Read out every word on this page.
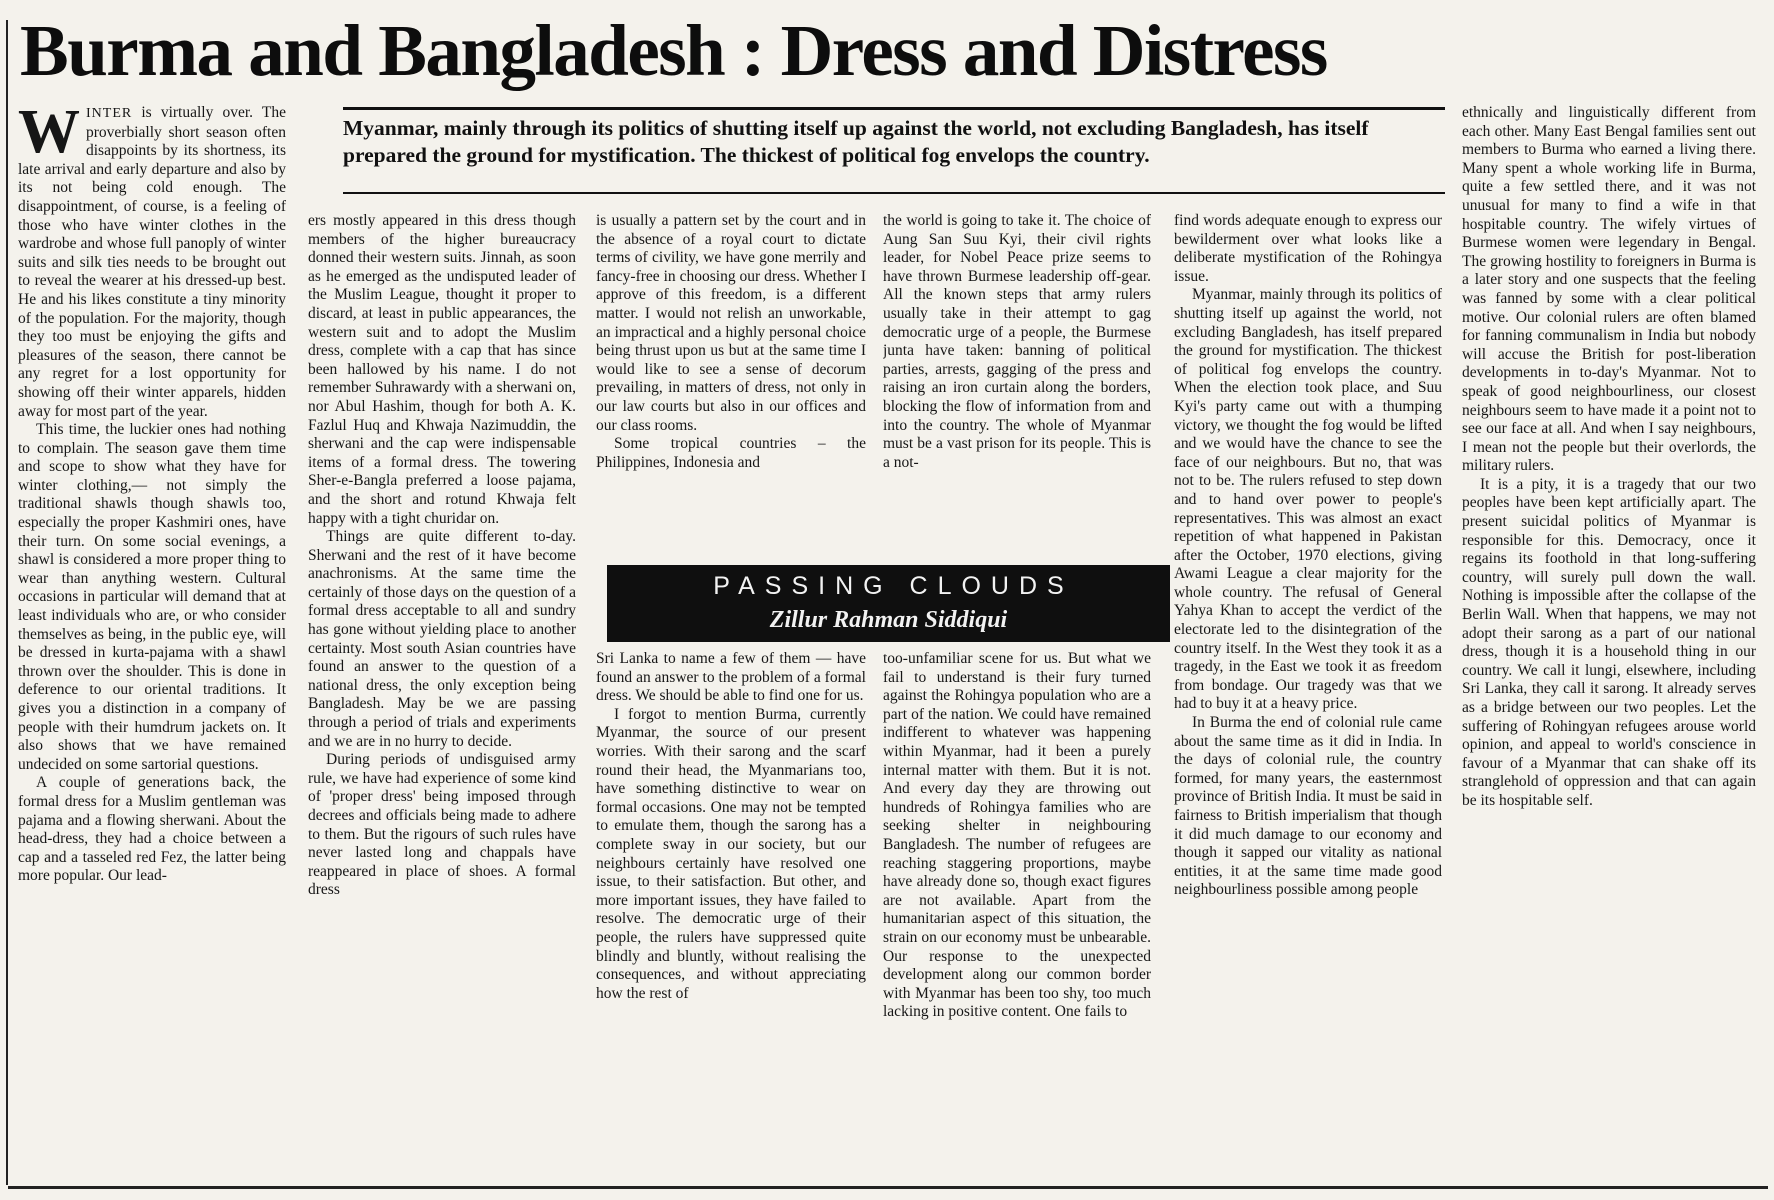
Burma and Bangladesh : Dress and Distress

WINTER is virtually over. The proverbially short season often disappoints by its shortness, its late arrival and early departure and also by its not being cold enough. The disappointment, of course, is a feeling of those who have winter clothes in the wardrobe and whose full panoply of winter suits and silk ties needs to be brought out to reveal the wearer at his dressed-up best. He and his likes constitute a tiny minority of the population. For the majority, though they too must be enjoying the gifts and pleasures of the season, there cannot be any regret for a lost opportunity for showing off their winter apparels, hidden away for most part of the year.

This time, the luckier ones had nothing to complain. The season gave them time and scope to show what they have for winter clothing,— not simply the traditional shawls though shawls too, especially the proper Kashmiri ones, have their turn. On some social evenings, a shawl is considered a more proper thing to wear than anything western. Cultural occasions in particular will demand that at least individuals who are, or who consider themselves as being, in the public eye, will be dressed in kurta-pajama with a shawl thrown over the shoulder. This is done in deference to our oriental traditions. It gives you a distinction in a company of people with their humdrum jackets on. It also shows that we have remained undecided on some sartorial questions.

A couple of generations back, the formal dress for a Muslim gentleman was pajama and a flowing sherwani. About the head-dress, they had a choice between a cap and a tasseled red Fez, the latter being more popular. Our lead-

Myanmar, mainly through its politics of shutting itself up against the world, not excluding Bangladesh, has itself prepared the ground for mystification. The thickest of political fog envelops the country.

ers mostly appeared in this dress though members of the higher bureaucracy donned their western suits. Jinnah, as soon as he emerged as the undisputed leader of the Muslim League, thought it proper to discard, at least in public appearances, the western suit and to adopt the Muslim dress, complete with a cap that has since been hallowed by his name. I do not remember Suhrawardy with a sherwani on, nor Abul Hashim, though for both A. K. Fazlul Huq and Khwaja Nazimuddin, the sherwani and the cap were indispensable items of a formal dress. The towering Sher-e-Bangla preferred a loose pajama, and the short and rotund Khwaja felt happy with a tight churidar on.

Things are quite different to-day. Sherwani and the rest of it have become anachronisms. At the same time the certainly of those days on the question of a formal dress acceptable to all and sundry has gone without yielding place to another certainty. Most south Asian countries have found an answer to the question of a national dress, the only exception being Bangladesh. May be we are passing through a period of trials and experiments and we are in no hurry to decide.

During periods of undisguised army rule, we have had experience of some kind of 'proper dress' being imposed through decrees and officials being made to adhere to them. But the rigours of such rules have never lasted long and chappals have reappeared in place of shoes. A formal dress

is usually a pattern set by the court and in the absence of a royal court to dictate terms of civility, we have gone merrily and fancy-free in choosing our dress. Whether I approve of this freedom, is a different matter. I would not relish an unworkable, an impractical and a highly personal choice being thrust upon us but at the same time I would like to see a sense of decorum prevailing, in matters of dress, not only in our law courts but also in our offices and our class rooms.

Some tropical countries – the Philippines, Indonesia and

the world is going to take it. The choice of Aung San Suu Kyi, their civil rights leader, for Nobel Peace prize seems to have thrown Burmese leadership off-gear. All the known steps that army rulers usually take in their attempt to gag democratic urge of a people, the Burmese junta have taken: banning of political parties, arrests, gagging of the press and raising an iron curtain along the borders, blocking the flow of information from and into the country. The whole of Myanmar must be a vast prison for its people. This is a not-

PASSING CLOUDS
Zillur Rahman Siddiqui

Sri Lanka to name a few of them — have found an answer to the problem of a formal dress. We should be able to find one for us.

I forgot to mention Burma, currently Myanmar, the source of our present worries. With their sarong and the scarf round their head, the Myanmarians too, have something distinctive to wear on formal occasions. One may not be tempted to emulate them, though the sarong has a complete sway in our society, but our neighbours certainly have resolved one issue, to their satisfaction. But other, and more important issues, they have failed to resolve. The democratic urge of their people, the rulers have suppressed quite blindly and bluntly, without realising the consequences, and without appreciating how the rest of

too-unfamiliar scene for us. But what we fail to understand is their fury turned against the Rohingya population who are a part of the nation. We could have remained indifferent to whatever was happening within Myanmar, had it been a purely internal matter with them. But it is not. And every day they are throwing out hundreds of Rohingya families who are seeking shelter in neighbouring Bangladesh. The number of refugees are reaching staggering proportions, maybe have already done so, though exact figures are not available. Apart from the humanitarian aspect of this situation, the strain on our economy must be unbearable. Our response to the unexpected development along our common border with Myanmar has been too shy, too much lacking in positive content. One fails to

find words adequate enough to express our bewilderment over what looks like a deliberate mystification of the Rohingya issue.

Myanmar, mainly through its politics of shutting itself up against the world, not excluding Bangladesh, has itself prepared the ground for mystification. The thickest of political fog envelops the country. When the election took place, and Suu Kyi's party came out with a thumping victory, we thought the fog would be lifted and we would have the chance to see the face of our neighbours. But no, that was not to be. The rulers refused to step down and to hand over power to people's representatives. This was almost an exact repetition of what happened in Pakistan after the October, 1970 elections, giving Awami League a clear majority for the whole country. The refusal of General Yahya Khan to accept the verdict of the electorate led to the disintegration of the country itself. In the West they took it as a tragedy, in the East we took it as freedom from bondage. Our tragedy was that we had to buy it at a heavy price.

In Burma the end of colonial rule came about the same time as it did in India. In the days of colonial rule, the country formed, for many years, the easternmost province of British India. It must be said in fairness to British imperialism that though it did much damage to our economy and though it sapped our vitality as national entities, it at the same time made good neighbourliness possible among people

ethnically and linguistically different from each other. Many East Bengal families sent out members to Burma who earned a living there. Many spent a whole working life in Burma, quite a few settled there, and it was not unusual for many to find a wife in that hospitable country. The wifely virtues of Burmese women were legendary in Bengal. The growing hostility to foreigners in Burma is a later story and one suspects that the feeling was fanned by some with a clear political motive. Our colonial rulers are often blamed for fanning communalism in India but nobody will accuse the British for post-liberation developments in to-day's Myanmar. Not to speak of good neighbourliness, our closest neighbours seem to have made it a point not to see our face at all. And when I say neighbours, I mean not the people but their overlords, the military rulers.

It is a pity, it is a tragedy that our two peoples have been kept artificially apart. The present suicidal politics of Myanmar is responsible for this. Democracy, once it regains its foothold in that long-suffering country, will surely pull down the wall. Nothing is impossible after the collapse of the Berlin Wall. When that happens, we may not adopt their sarong as a part of our national dress, though it is a household thing in our country. We call it lungi, elsewhere, including Sri Lanka, they call it sarong. It already serves as a bridge between our two peoples. Let the suffering of Rohingyan refugees arouse world opinion, and appeal to world's conscience in favour of a Myanmar that can shake off its stranglehold of oppression and that can again be its hospitable self.
